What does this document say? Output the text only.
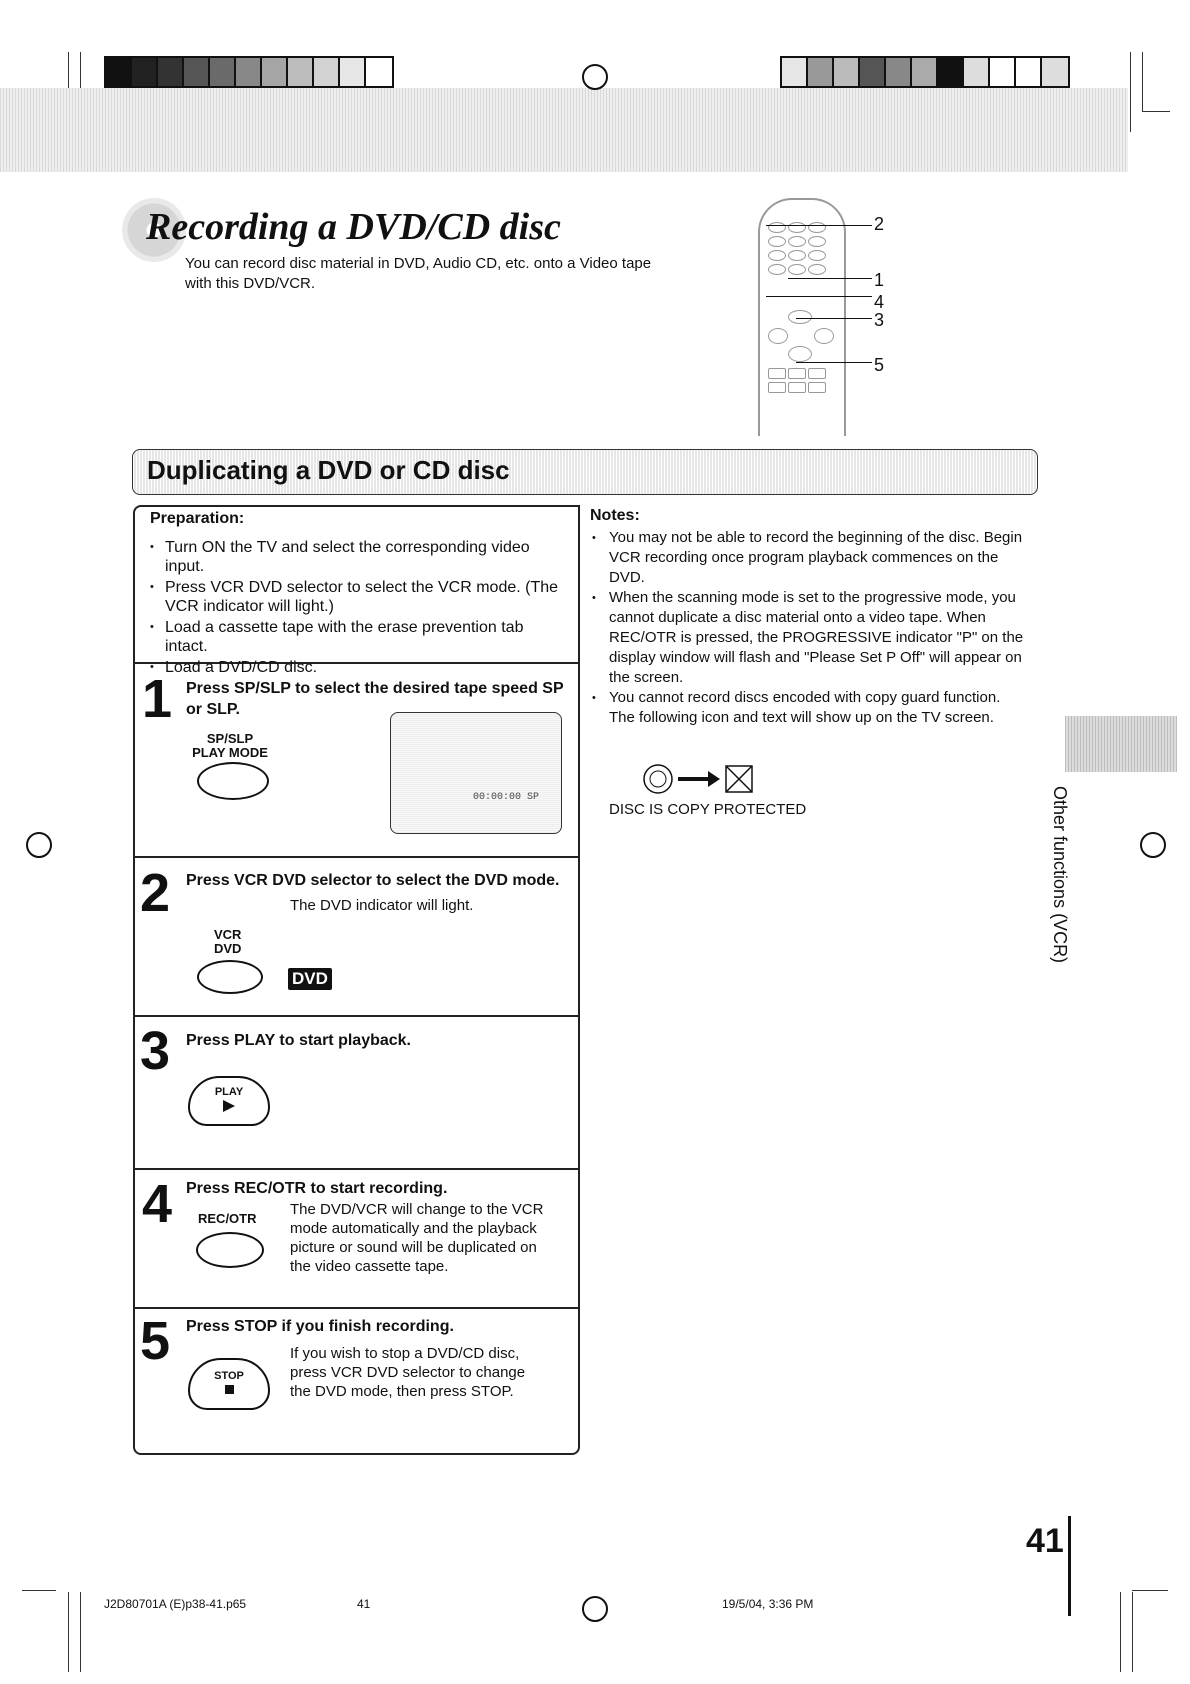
Recording a DVD/CD disc
You can record disc material in DVD, Audio CD, etc. onto a Video tape with this DVD/VCR.
2
1
4
3
5
Duplicating a DVD or CD disc
Preparation:
• Turn ON the TV and select the corresponding video input.
• Press VCR DVD selector to select the VCR mode. (The VCR indicator will light.)
• Load a cassette tape with the erase prevention tab intact.
• Load a DVD/CD disc.
1 Press SP/SLP to select the desired tape speed SP or SLP.
SP/SLP PLAY MODE
00:00:00 SP
2 Press VCR DVD selector to select the DVD mode.
The DVD indicator will light.
VCR
DVD
DVD
3 Press PLAY to start playback.
PLAY
4 Press REC/OTR to start recording.
REC/OTR
The DVD/VCR will change to the VCR mode automatically and the playback picture or sound will be duplicated on the video cassette tape.
5 Press STOP if you finish recording.
STOP
If you wish to stop a DVD/CD disc, press VCR DVD selector to change the DVD mode, then press STOP.
Notes:
• You may not be able to record the beginning of the disc. Begin VCR recording once program playback commences on the DVD.
• When the scanning mode is set to the progressive mode, you cannot duplicate a disc material onto a video tape. When REC/OTR is pressed, the PROGRESSIVE indicator "P" on the display window will flash and "Please Set P Off" will appear on the screen.
• You cannot record discs encoded with copy guard function. The following icon and text will show up on the TV screen.
DISC IS COPY PROTECTED	Other functions (VCR)
41
J2D80701A (E)p38-41.p65	41	19/5/04, 3:36 PM
